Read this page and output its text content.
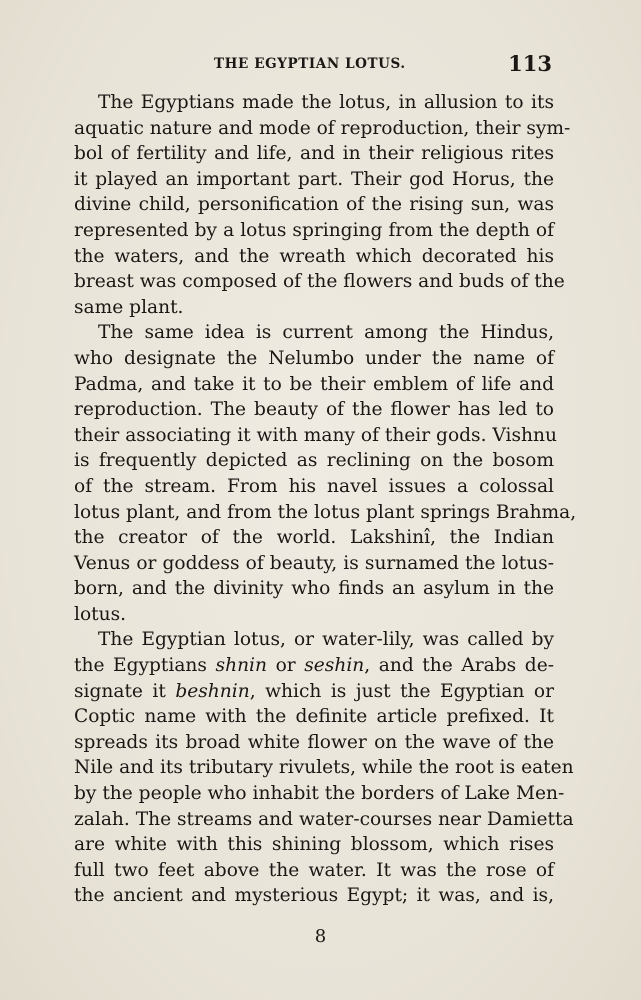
THE EGYPTIAN LOTUS.	113
The Egyptians made the lotus, in allusion to its
aquatic nature and mode of reproduction, their sym-
bol of fertility and life, and in their religious rites
it played an important part. Their god Horus, the
divine child, personification of the rising sun, was
represented by a lotus springing from the depth of
the waters, and the wreath which decorated his
breast was composed of the flowers and buds of the
same plant.
The same idea is current among the Hindus,
who designate the Nelumbo under the name of
Padma, and take it to be their emblem of life and
reproduction. The beauty of the flower has led to
their associating it with many of their gods. Vishnu
is frequently depicted as reclining on the bosom
of the stream. From his navel issues a colossal
lotus plant, and from the lotus plant springs Brahma,
the creator of the world. Lakshinî, the Indian
Venus or goddess of beauty, is surnamed the lotus-
born, and the divinity who finds an asylum in the
lotus.
The Egyptian lotus, or water-lily, was called by
the Egyptians shnin or seshin, and the Arabs de-
signate it beshnin, which is just the Egyptian or
Coptic name with the definite article prefixed. It
spreads its broad white flower on the wave of the
Nile and its tributary rivulets, while the root is eaten
by the people who inhabit the borders of Lake Men-
zalah. The streams and water-courses near Damietta
are white with this shining blossom, which rises
full two feet above the water. It was the rose of
the ancient and mysterious Egypt; it was, and is,
8
